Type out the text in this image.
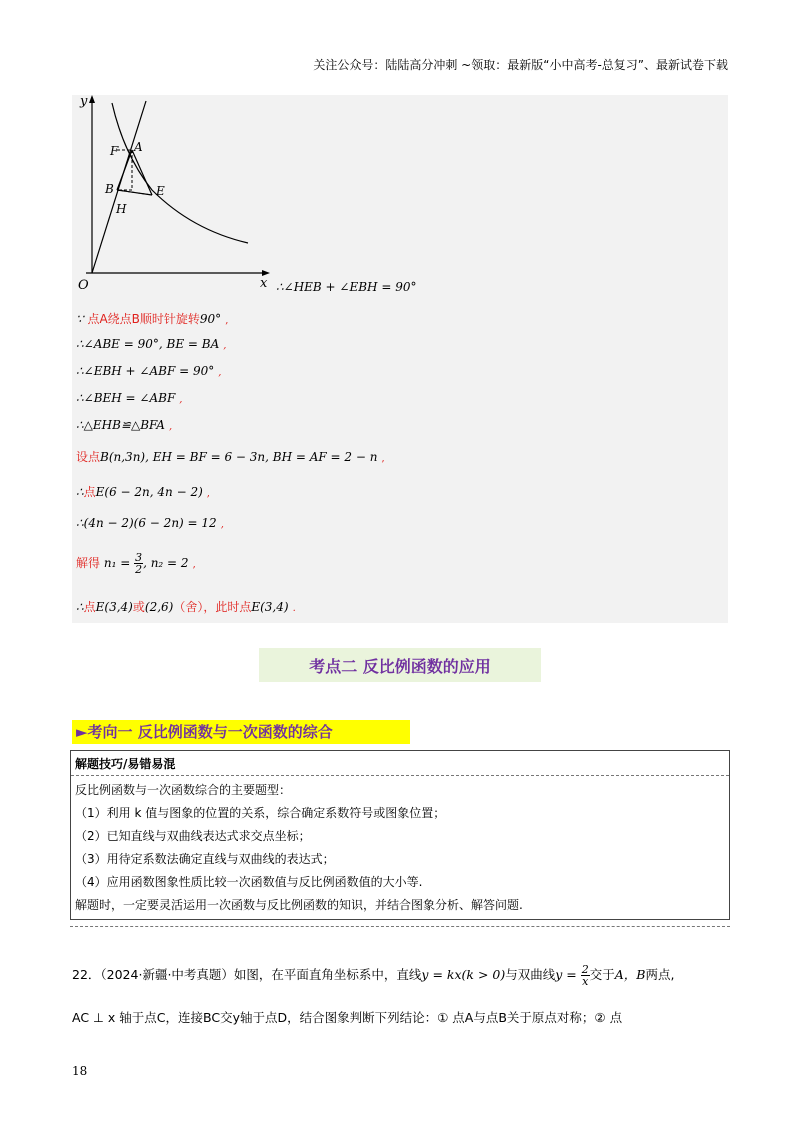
关注公众号：陆陆高分冲刺 ~领取：最新版“小中高考-总复习”、最新试卷下载
y
x
O
F A
B	E
H
∴∠HEB + ∠EBH = 90°
∵ 点A绕点B顺时针旋转90° ,
∴∠ABE = 90°, BE = BA ,
∴∠EBH + ∠ABF = 90° ,
∴∠BEH = ∠ABF ,
∴△EHB≌△BFA ,
设点B(n,3n), EH = BF = 6 − 3n, BH = AF = 2 − n ,
∴点E(6 − 2n, 4n − 2) ,
∴(4n − 2)(6 − 2n) = 12 ,
解得 $n_1 = \frac{3}{2}$ , n₂ = 2 ,
∴点E(3,4)或(2,6)（舍），此时点E(3,4) .
考点二 反比例函数的应用
►考向一 反比例函数与一次函数的综合
解题技巧/易错易混
反比例函数与一次函数综合的主要题型：
（1）利用 k 值与图象的位置的关系，综合确定系数符号或图象位置；
（2）已知直线与双曲线表达式求交点坐标；
（3）用待定系数法确定直线与双曲线的表达式；
（4）应用函数图象性质比较一次函数值与反比例函数值的大小等.
解题时，一定要灵活运用一次函数与反比例函数的知识，并结合图象分析、解答问题.
22．（2024·新疆·中考真题）如图，在平面直角坐标系中，直线y = kx(k > 0)与双曲线$y = \frac{2}{x}$ 交于A，B两点,
AC ⊥ x 轴于点C，连接BC交y轴于点D，结合图象判断下列结论：① 点A与点B关于原点对称；② 点
18
